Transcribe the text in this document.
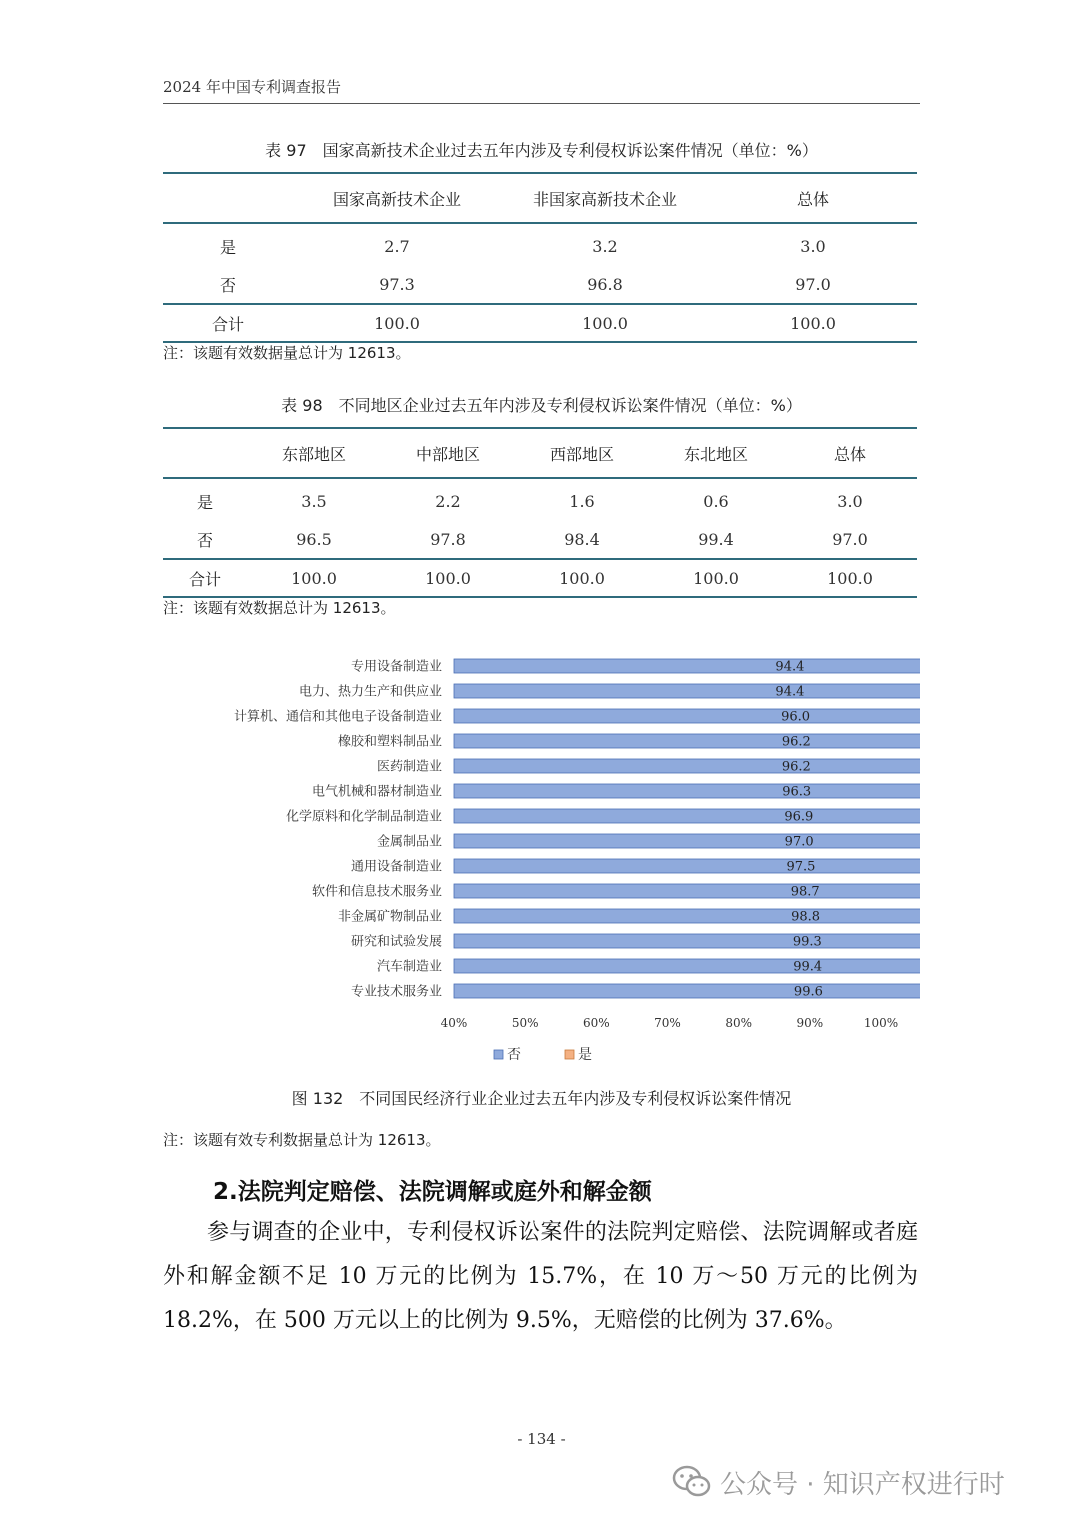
2024 年中国专利调查报告
表 97　国家高新技术企业过去五年内涉及专利侵权诉讼案件情况（单位：%）
	国家高新技术企业	非国家高新技术企业	总体
是	2.7	3.2	3.0
否	97.3	96.8	97.0
合计	100.0	100.0	100.0
注：该题有效数据量总计为 12613。
表 98　不同地区企业过去五年内涉及专利侵权诉讼案件情况（单位：%）
	东部地区	中部地区	西部地区	东北地区	总体
是	3.5	2.2	1.6	0.6	3.0
否	96.5	97.8	98.4	99.4	97.0
合计	100.0	100.0	100.0	100.0	100.0
注：该题有效数据总计为 12613。
专用设备制造业	94.4
电力、热力生产和供应业	94.4
计算机、通信和其他电子设备制造业	96.0
橡胶和塑料制品业	96.2
医药制造业	96.2
电气机械和器材制造业	96.3
化学原料和化学制品制造业	96.9
金属制品业	97.0
通用设备制造业	97.5
软件和信息技术服务业	98.7
非金属矿物制品业	98.8
研究和试验发展	99.3
汽车制造业	99.4
专业技术服务业	99.6
40%	50%	60%	70%	80%	90%	100%
否	是
图 132　不同国民经济行业企业过去五年内涉及专利侵权诉讼案件情况
注：该题有效专利数据量总计为 12613。
2.法院判定赔偿、法院调解或庭外和解金额
参与调查的企业中，专利侵权诉讼案件的法院判定赔偿、法院调解或者庭外和解金额不足 10 万元的比例为 15.7%，在 10 万～50 万元的比例为 18.2%，在 500 万元以上的比例为 9.5%，无赔偿的比例为 37.6%。
- 134 -
公众号 · 知识产权进行时
